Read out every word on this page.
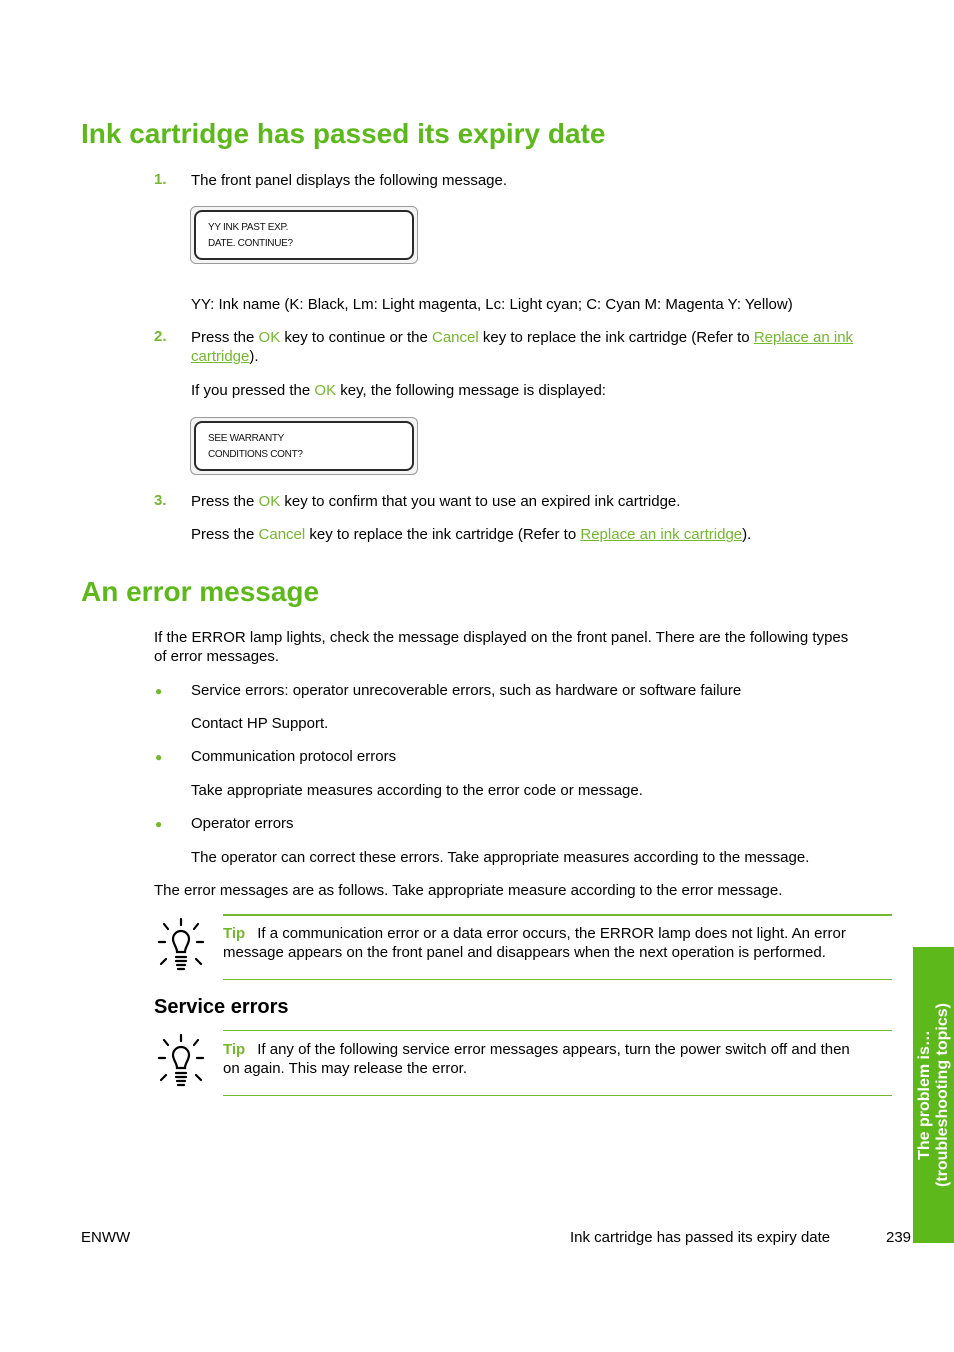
Ink cartridge has passed its expiry date
1. The front panel displays the following message.
YY INK PAST EXP.
DATE. CONTINUE?
YY: Ink name (K: Black, Lm: Light magenta, Lc: Light cyan; C: Cyan M: Magenta Y: Yellow)
2. Press the OK key to continue or the Cancel key to replace the ink cartridge (Refer to Replace an ink
cartridge).
If you pressed the OK key, the following message is displayed:
SEE WARRANTY
CONDITIONS CONT?
3. Press the OK key to confirm that you want to use an expired ink cartridge.
Press the Cancel key to replace the ink cartridge (Refer to Replace an ink cartridge).
An error message
If the ERROR lamp lights, check the message displayed on the front panel. There are the following types
of error messages.
● Service errors: operator unrecoverable errors, such as hardware or software failure
Contact HP Support.
● Communication protocol errors
Take appropriate measures according to the error code or message.
● Operator errors
The operator can correct these errors. Take appropriate measures according to the message.
The error messages are as follows. Take appropriate measure according to the error message.
Tip If a communication error or a data error occurs, the ERROR lamp does not light. An error
message appears on the front panel and disappears when the next operation is performed.
Service errors
Tip If any of the following service error messages appears, turn the power switch off and then
on again. This may release the error.	The problem is… (troubleshooting topics)
ENWW	Ink cartridge has passed its expiry date	239
